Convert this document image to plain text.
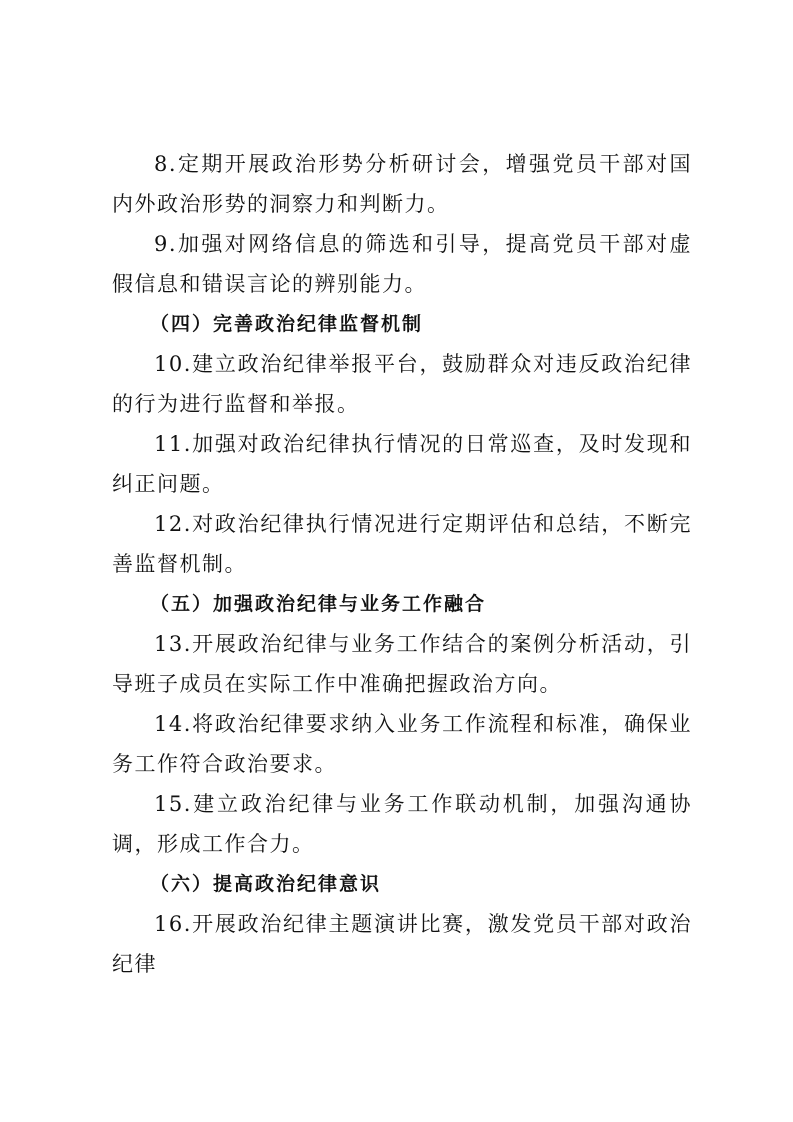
8.定期开展政治形势分析研讨会，增强党员干部对国内外政治形势的洞察力和判断力。

9.加强对网络信息的筛选和引导，提高党员干部对虚假信息和错误言论的辨别能力。

（四）完善政治纪律监督机制

10.建立政治纪律举报平台，鼓励群众对违反政治纪律的行为进行监督和举报。

11.加强对政治纪律执行情况的日常巡查，及时发现和纠正问题。

12.对政治纪律执行情况进行定期评估和总结，不断完善监督机制。

（五）加强政治纪律与业务工作融合

13.开展政治纪律与业务工作结合的案例分析活动，引导班子成员在实际工作中准确把握政治方向。

14.将政治纪律要求纳入业务工作流程和标准，确保业务工作符合政治要求。

15.建立政治纪律与业务工作联动机制，加强沟通协调，形成工作合力。

（六）提高政治纪律意识

16.开展政治纪律主题演讲比赛，激发党员干部对政治纪律
